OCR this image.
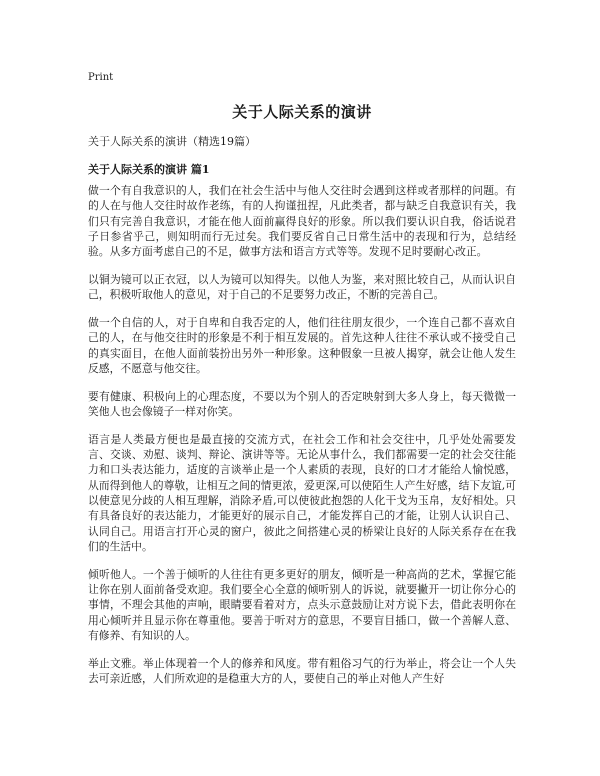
Print
关于人际关系的演讲

关于人际关系的演讲（精选19篇）

关于人际关系的演讲 篇1

做一个有自我意识的人，我们在社会生活中与他人交往时会遇到这样或者那样的问题。有的人在与他人交往时故作老练，有的人拘谨扭捏，凡此类者，都与缺乏自我意识有关，我们只有完善自我意识，才能在他人面前赢得良好的形象。所以我们要认识自我，俗话说君子日参省乎己，则知明而行无过矣。我们要反省自己日常生活中的表现和行为，总结经验。从多方面考虑自己的不足，做事方法和语言方式等等。发现不足时要耐心改正。

以铜为镜可以正衣冠，以人为镜可以知得失。以他人为鉴，来对照比较自己，从而认识自己，积极听取他人的意见，对于自己的不足要努力改正，不断的完善自己。

做一个自信的人，对于自卑和自我否定的人，他们往往朋友很少，一个连自己都不喜欢自己的人，在与他交往时的形象是不利于相互发展的。首先这种人往往不承认或不接受自己的真实面目，在他人面前装扮出另外一种形象。这种假象一旦被人揭穿，就会让他人发生反感，不愿意与他交往。

要有健康、积极向上的心理态度，不要以为个别人的否定映射到大多人身上，每天微微一笑他人也会像镜子一样对你笑。

语言是人类最方便也是最直接的交流方式，在社会工作和社会交往中，几乎处处需要发言、交谈、劝慰、谈判、辩论、演讲等等。无论从事什么，我们都需要一定的社会交往能力和口头表达能力，适度的言谈举止是一个人素质的表现，良好的口才才能给人愉悦感，从而得到他人的尊敬，让相互之间的情更浓，爱更深,可以使陌生人产生好感，结下友谊,可以使意见分歧的人相互理解，消除矛盾,可以使彼此抱怨的人化干戈为玉帛，友好相处。只有具备良好的表达能力，才能更好的展示自己，才能发挥自己的才能，让别人认识自己、认同自己。用语言打开心灵的窗户，彼此之间搭建心灵的桥梁让良好的人际关系存在在我们的生活中。

倾听他人。一个善于倾听的人往往有更多更好的朋友，倾听是一种高尚的艺术，掌握它能让你在别人面前备受欢迎。我们要全心全意的倾听别人的诉说，就要撇开一切让你分心的事情，不理会其他的声响，眼睛要看着对方，点头示意鼓励让对方说下去，借此表明你在用心倾听并且显示你在尊重他。要善于听对方的意思，不要盲目插口，做一个善解人意、有修养、有知识的人。

举止文雅。举止体现着一个人的修养和风度。带有粗俗习气的行为举止，将会让一个人失去可亲近感，人们所欢迎的是稳重大方的人，要使自己的举止对他人产生好
